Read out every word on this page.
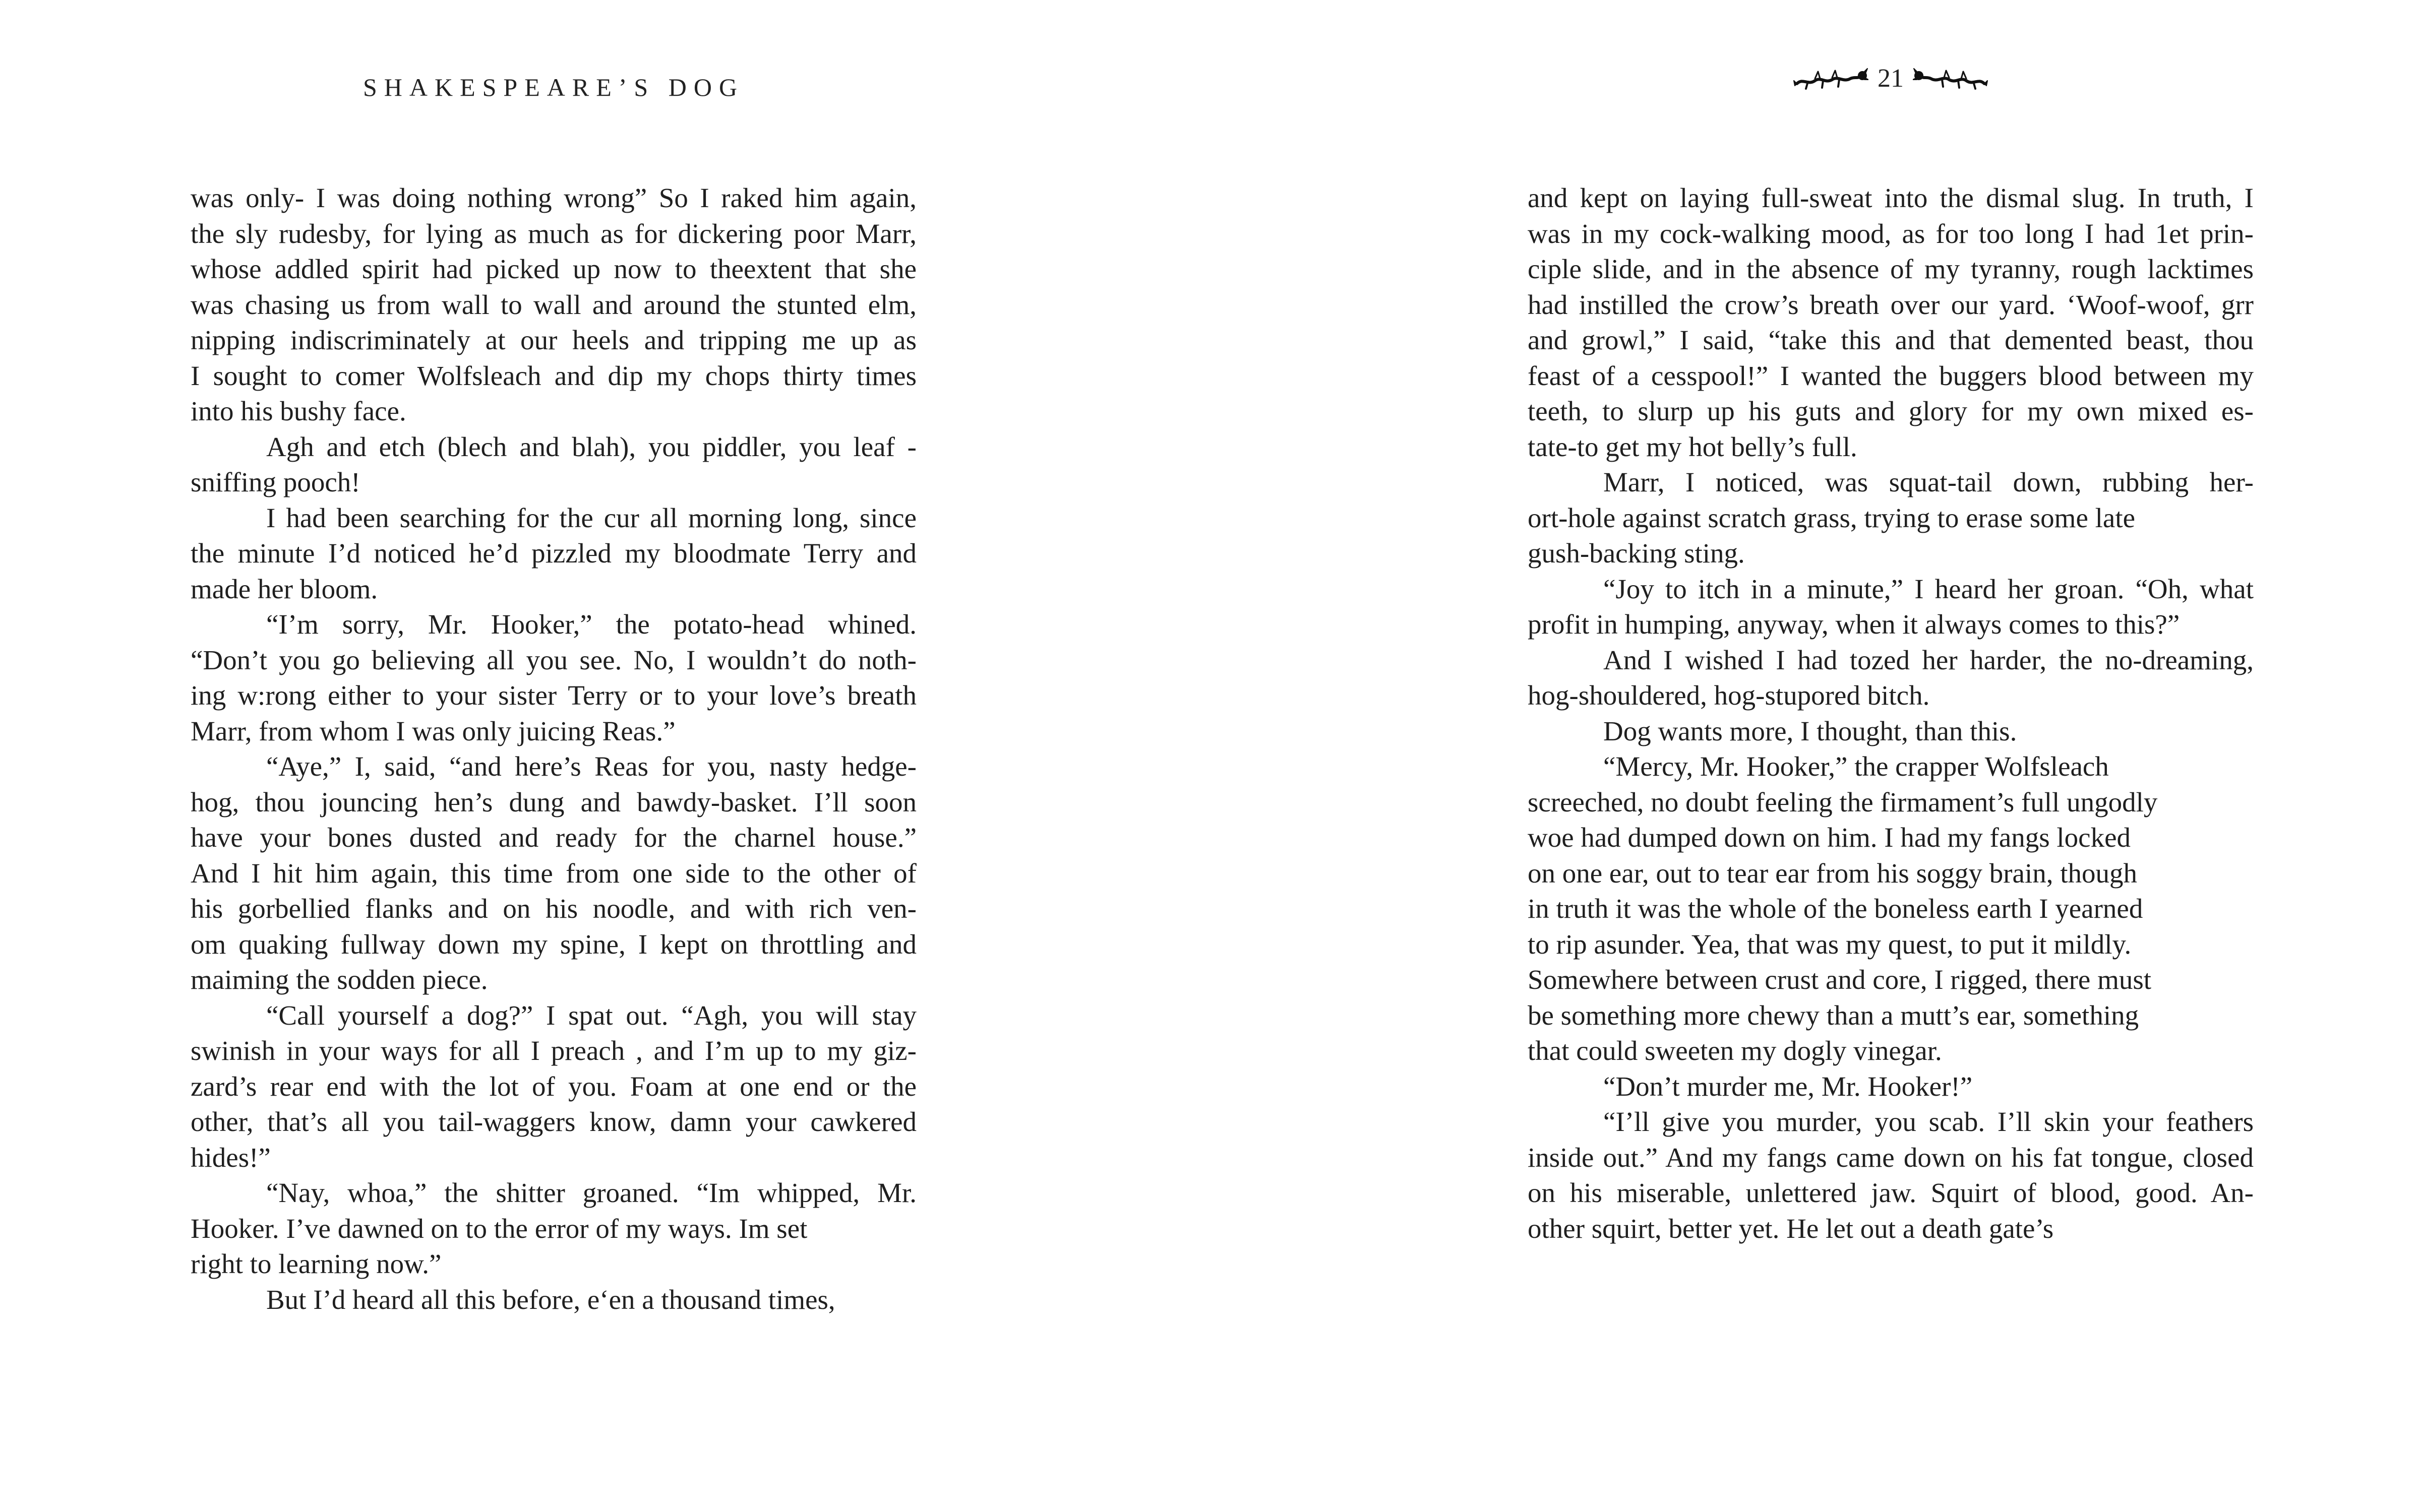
SHAKESPEARE’S DOG	21
was only- I was doing nothing wrong” So I raked him again,
the sly rudesby, for lying as much as for dickering poor Marr,
whose addled spirit had picked up now to theextent that she
was chasing us from wall to wall and around the stunted elm,
nipping indiscriminately at our heels and tripping me up as
I sought to comer Wolfsleach and dip my chops thirty times
into his bushy face.
Agh and etch (blech and blah), you piddler, you leaf -
sniffing pooch!
I had been searching for the cur all morning long, since
the minute I’d noticed he’d pizzled my bloodmate Terry and
made her bloom.
“I’m sorry, Mr. Hooker,” the potato-head whined.
“Don’t you go believing all you see. No, I wouldn’t do noth-
ing w:rong either to your sister Terry or to your love’s breath
Marr, from whom I was only juicing Reas.”
“Aye,” I, said, “and here’s Reas for you, nasty hedge-
hog, thou jouncing hen’s dung and bawdy-basket. I’ll soon
have your bones dusted and ready for the charnel house.”
And I hit him again, this time from one side to the other of
his gorbellied flanks and on his noodle, and with rich ven-
om quaking fullway down my spine, I kept on throttling and
maiming the sodden piece.
“Call yourself a dog?” I spat out. “Agh, you will stay
swinish in your ways for all I preach , and I’m up to my giz-
zard’s rear end with the lot of you. Foam at one end or the
other, that’s all you tail-waggers know, damn your cawkered
hides!”
“Nay, whoa,” the shitter groaned. “Im whipped, Mr.
Hooker. I’ve dawned on to the error of my ways. Im set
right to learning now.”
But I’d heard all this before, e‘en a thousand times,
and kept on laying full-sweat into the dismal slug. In truth, I
was in my cock-walking mood, as for too long I had 1et prin-
ciple slide, and in the absence of my tyranny, rough lacktimes
had instilled the crow’s breath over our yard. ‘Woof-woof, grr
and growl,” I said, “take this and that demented beast, thou
feast of a cesspool!” I wanted the buggers blood between my
teeth, to slurp up his guts and glory for my own mixed es-
tate-to get my hot belly’s full.
Marr, I noticed, was squat-tail down, rubbing her-
ort-hole against scratch grass, trying to erase some late
gush-backing sting.
“Joy to itch in a minute,” I heard her groan. “Oh, what
profit in humping, anyway, when it always comes to this?”
And I wished I had tozed her harder, the no-dreaming,
hog-shouldered, hog-stupored bitch.
Dog wants more, I thought, than this.
“Mercy, Mr. Hooker,” the crapper Wolfsleach
screeched, no doubt feeling the firmament’s full ungodly
woe had dumped down on him. I had my fangs locked
on one ear, out to tear ear from his soggy brain, though
in truth it was the whole of the boneless earth I yearned
to rip asunder. Yea, that was my quest, to put it mildly.
Somewhere between crust and core, I rigged, there must
be something more chewy than a mutt’s ear, something
that could sweeten my dogly vinegar.
“Don’t murder me, Mr. Hooker!”
“I’ll give you murder, you scab. I’ll skin your feathers
inside out.” And my fangs came down on his fat tongue, closed
on his miserable, unlettered jaw. Squirt of blood, good. An-
other squirt, better yet. He let out a death gate’s
